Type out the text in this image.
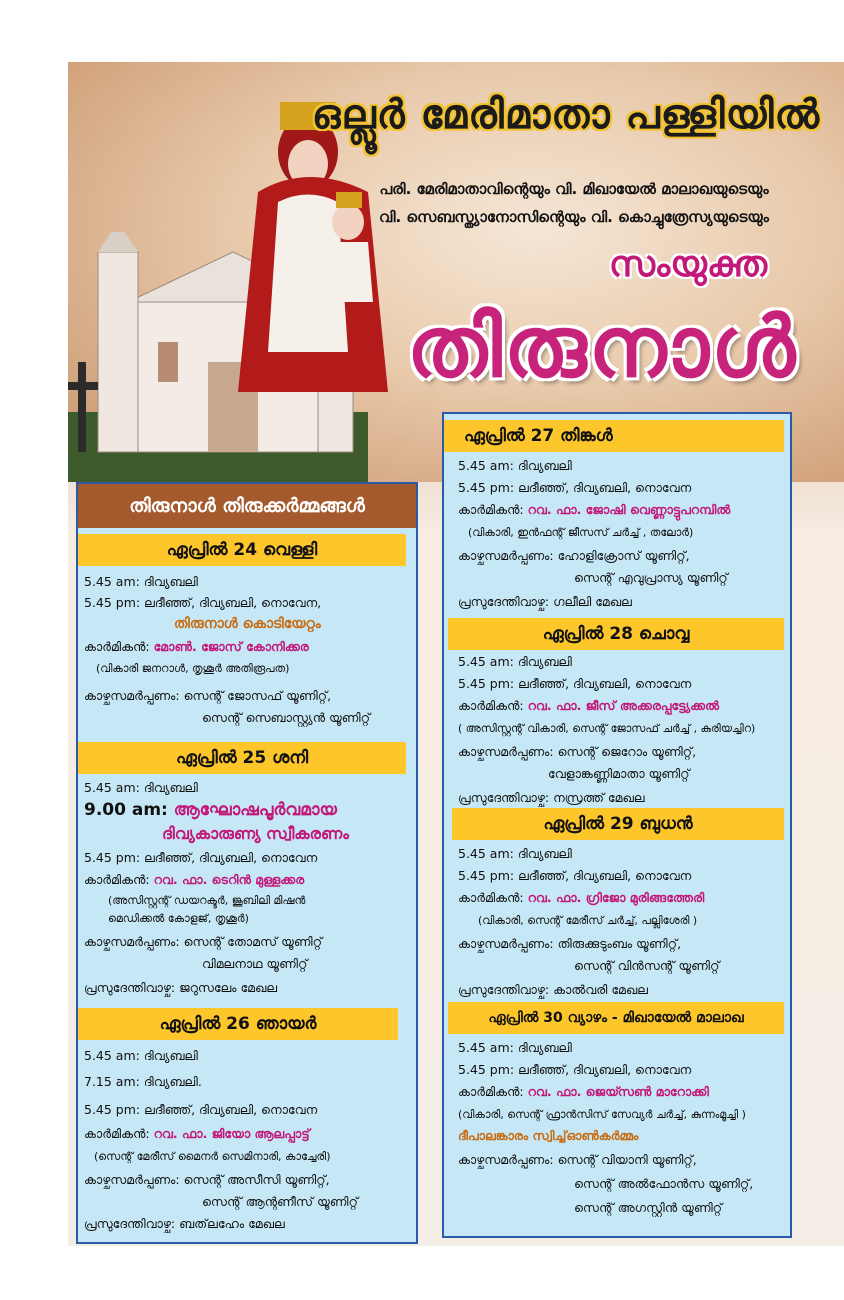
ഒല്ലൂർ മേരിമാതാ പള്ളിയിൽ
പരി. മേരിമാതാവിന്റെയും വി. മിഖായേൽ മാലാഖയുടെയും
വി. സെബസ്ത്യാനോസിന്റെയും വി. കൊച്ചുത്രേസ്യയുടെയും
സംയുക്ത
തിരുനാൾ
തിരുനാൾ തിരുക്കർമ്മങ്ങൾ
ഏപ്രിൽ 24 വെള്ളി
5.45 am: ദിവ്യബലി
5.45 pm: ലദീഞ്ഞ്, ദിവ്യബലി, നൊവേന,
തിരുനാൾ കൊടിയേറ്റം
കാർമികൻ: മോൺ. ജോസ് കോനിക്കര
(വികാരി ജനറാൾ, തൃശൂർ അതിരൂപത)
കാഴ്ചസമർപ്പണം: സെന്റ് ജോസഫ് യൂണിറ്റ്,
സെന്റ് സെബാസ്റ്റ്യൻ യൂണിറ്റ്
ഏപ്രിൽ 25 ശനി
5.45 am: ദിവ്യബലി
9.00 am: ആഘോഷപൂർവമായ
ദിവ്യകാരുണ്യ സ്വീകരണം
5.45 pm: ലദീഞ്ഞ്, ദിവ്യബലി, നൊവേന
കാർമികൻ: റവ. ഫാ. ടെറിൻ മുള്ളക്കര
(അസിസ്റ്റന്റ് ഡയറക്ടർ, ജൂബിലി മിഷൻ
മെഡിക്കൽ കോളജ്, തൃശൂർ)
കാഴ്ചസമർപ്പണം: സെന്റ് തോമസ് യൂണിറ്റ്
വിമലനാഥ യൂണിറ്റ്
പ്രസുദേന്തിവാഴ്ച: ജറുസലേം മേഖല
ഏപ്രിൽ 26 ഞായർ
5.45 am: ദിവ്യബലി
7.15 am: ദിവ്യബലി.
5.45 pm: ലദീഞ്ഞ്, ദിവ്യബലി, നൊവേന
കാർമികൻ: റവ. ഫാ. ജിയോ ആലപ്പാട്ട്
(സെന്റ് മേരീസ് മൈനർ സെമിനാരി, കാച്ചേരി)
കാഴ്ചസമർപ്പണം: സെന്റ് അസീസി യൂണിറ്റ്,
സെന്റ് ആന്റണീസ് യൂണിറ്റ്
പ്രസുദേന്തിവാഴ്ച: ബത്‌ലഹേം മേഖല
ഏപ്രിൽ 27 തിങ്കൾ
5.45 am: ദിവ്യബലി
5.45 pm: ലദീഞ്ഞ്, ദിവ്യബലി, നൊവേന
കാർമികൻ: റവ. ഫാ. ജോഷി വെണ്ണാട്ടുപറമ്പിൽ
(വികാരി, ഇൻഫന്റ് ജീസസ് ചർച്ച് , തലോർ)
കാഴ്ചസമർപ്പണം: ഹോളിക്രോസ് യൂണിറ്റ്,
സെന്റ് എവുപ്രാസ്യ യൂണിറ്റ്
പ്രസുദേന്തിവാഴ്ച: ഗലീലി മേഖല
ഏപ്രിൽ 28 ചൊവ്വ
5.45 am: ദിവ്യബലി
5.45 pm: ലദീഞ്ഞ്, ദിവ്യബലി, നൊവേന
കാർമികൻ: റവ. ഫാ. ജീസ് അക്കരപ്പട്ട്യേക്കൽ
( അസിസ്റ്റന്റ് വികാരി, സെന്റ് ജോസഫ് ചർച്ച് , കുരിയച്ചിറ)
കാഴ്ചസമർപ്പണം: സെന്റ് ജെറോം യൂണിറ്റ്,
വേളാങ്കണ്ണിമാതാ യൂണിറ്റ്
പ്രസുദേന്തിവാഴ്ച: നസ്രത്ത് മേഖല
ഏപ്രിൽ 29 ബുധൻ
5.45 am: ദിവ്യബലി
5.45 pm: ലദീഞ്ഞ്, ദിവ്യബലി, നൊവേന
കാർമികൻ: റവ. ഫാ. ഗ്രിജോ മുരിങ്ങത്തേരി
(വികാരി, സെന്റ് മേരീസ് ചർച്ച്, പല്ലിശേരി )
കാഴ്ചസമർപ്പണം: തിരുക്കുടുംബം യൂണിറ്റ്,
സെന്റ് വിൻസന്റ് യൂണിറ്റ്
പ്രസുദേന്തിവാഴ്ച: കാൽവരി മേഖല
ഏപ്രിൽ 30 വ്യാഴം - മിഖായേൽ മാലാഖ
5.45 am: ദിവ്യബലി
5.45 pm: ലദീഞ്ഞ്, ദിവ്യബലി, നൊവേന
കാർമികൻ: റവ. ഫാ. ജെയ്സൺ മാറോക്കി
(വികാരി, സെന്റ് ഫ്രാൻസിസ് സേവ്യർ ചർച്ച്, കുന്നംമൂച്ചി )
ദീപാലങ്കാരം സ്വിച്ച്ഓൺകർമ്മം
കാഴ്ചസമർപ്പണം: സെന്റ് വിയാനി യൂണിറ്റ്,
സെന്റ് അൽഫോൻസ യൂണിറ്റ്,
സെന്റ് അഗസ്റ്റിൻ യൂണിറ്റ്
